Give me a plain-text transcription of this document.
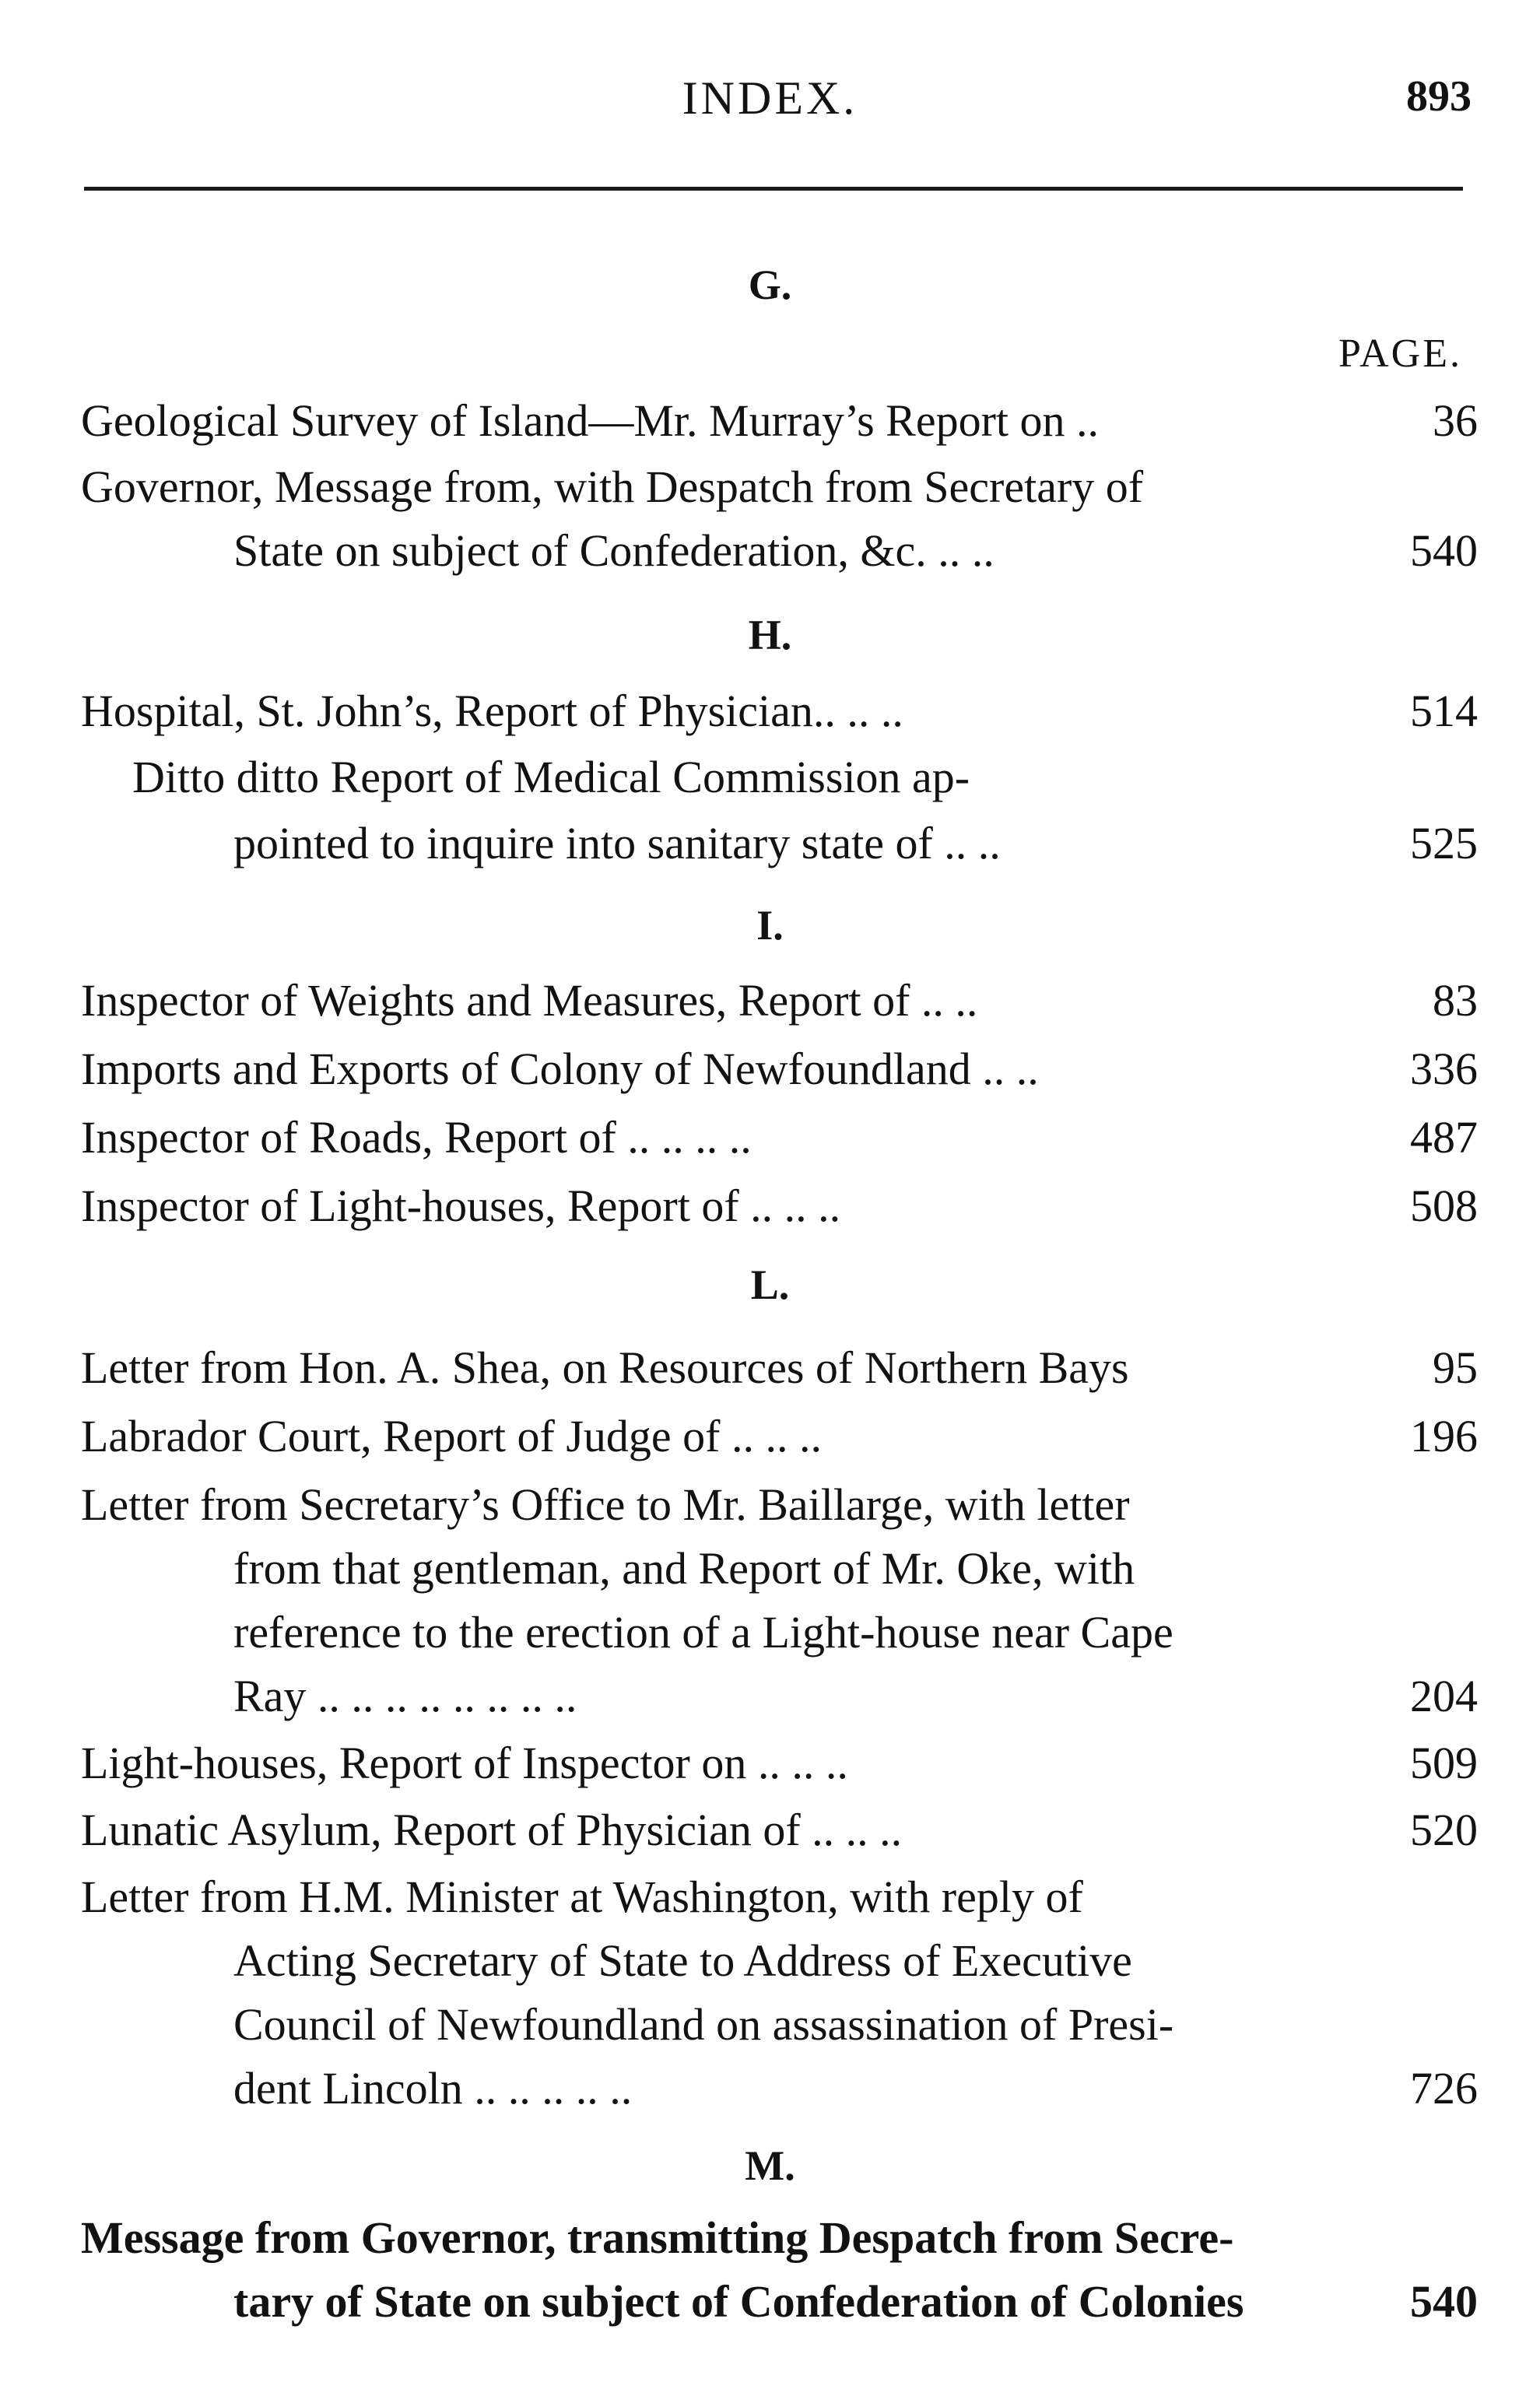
INDEX.	893
G.
PAGE.
Geological Survey of Island—Mr. Murray’s Report on ..	36
Governor, Message from, with Despatch from Secretary of
State on subject of Confederation, &c. .. ..	540
H.
Hospital, St. John’s, Report of Physician.. .. ..	514
Ditto ditto Report of Medical Commission ap-
pointed to inquire into sanitary state of .. ..	525
I.
Inspector of Weights and Measures, Report of .. ..	83
Imports and Exports of Colony of Newfoundland .. ..	336
Inspector of Roads, Report of .. .. .. ..	487
Inspector of Light-houses, Report of .. .. ..	508
L.
Letter from Hon. A. Shea, on Resources of Northern Bays	95
Labrador Court, Report of Judge of .. .. ..	196
Letter from Secretary’s Office to Mr. Baillarge, with letter
from that gentleman, and Report of Mr. Oke, with
reference to the erection of a Light-house near Cape
Ray .. .. .. .. .. .. .. ..	204
Light-houses, Report of Inspector on .. .. ..	509
Lunatic Asylum, Report of Physician of .. .. ..	520
Letter from H.M. Minister at Washington, with reply of
Acting Secretary of State to Address of Executive
Council of Newfoundland on assassination of Presi-
dent Lincoln .. .. .. .. ..	726
M.
Message from Governor, transmitting Despatch from Secre-
tary of State on subject of Confederation of Colonies	540
